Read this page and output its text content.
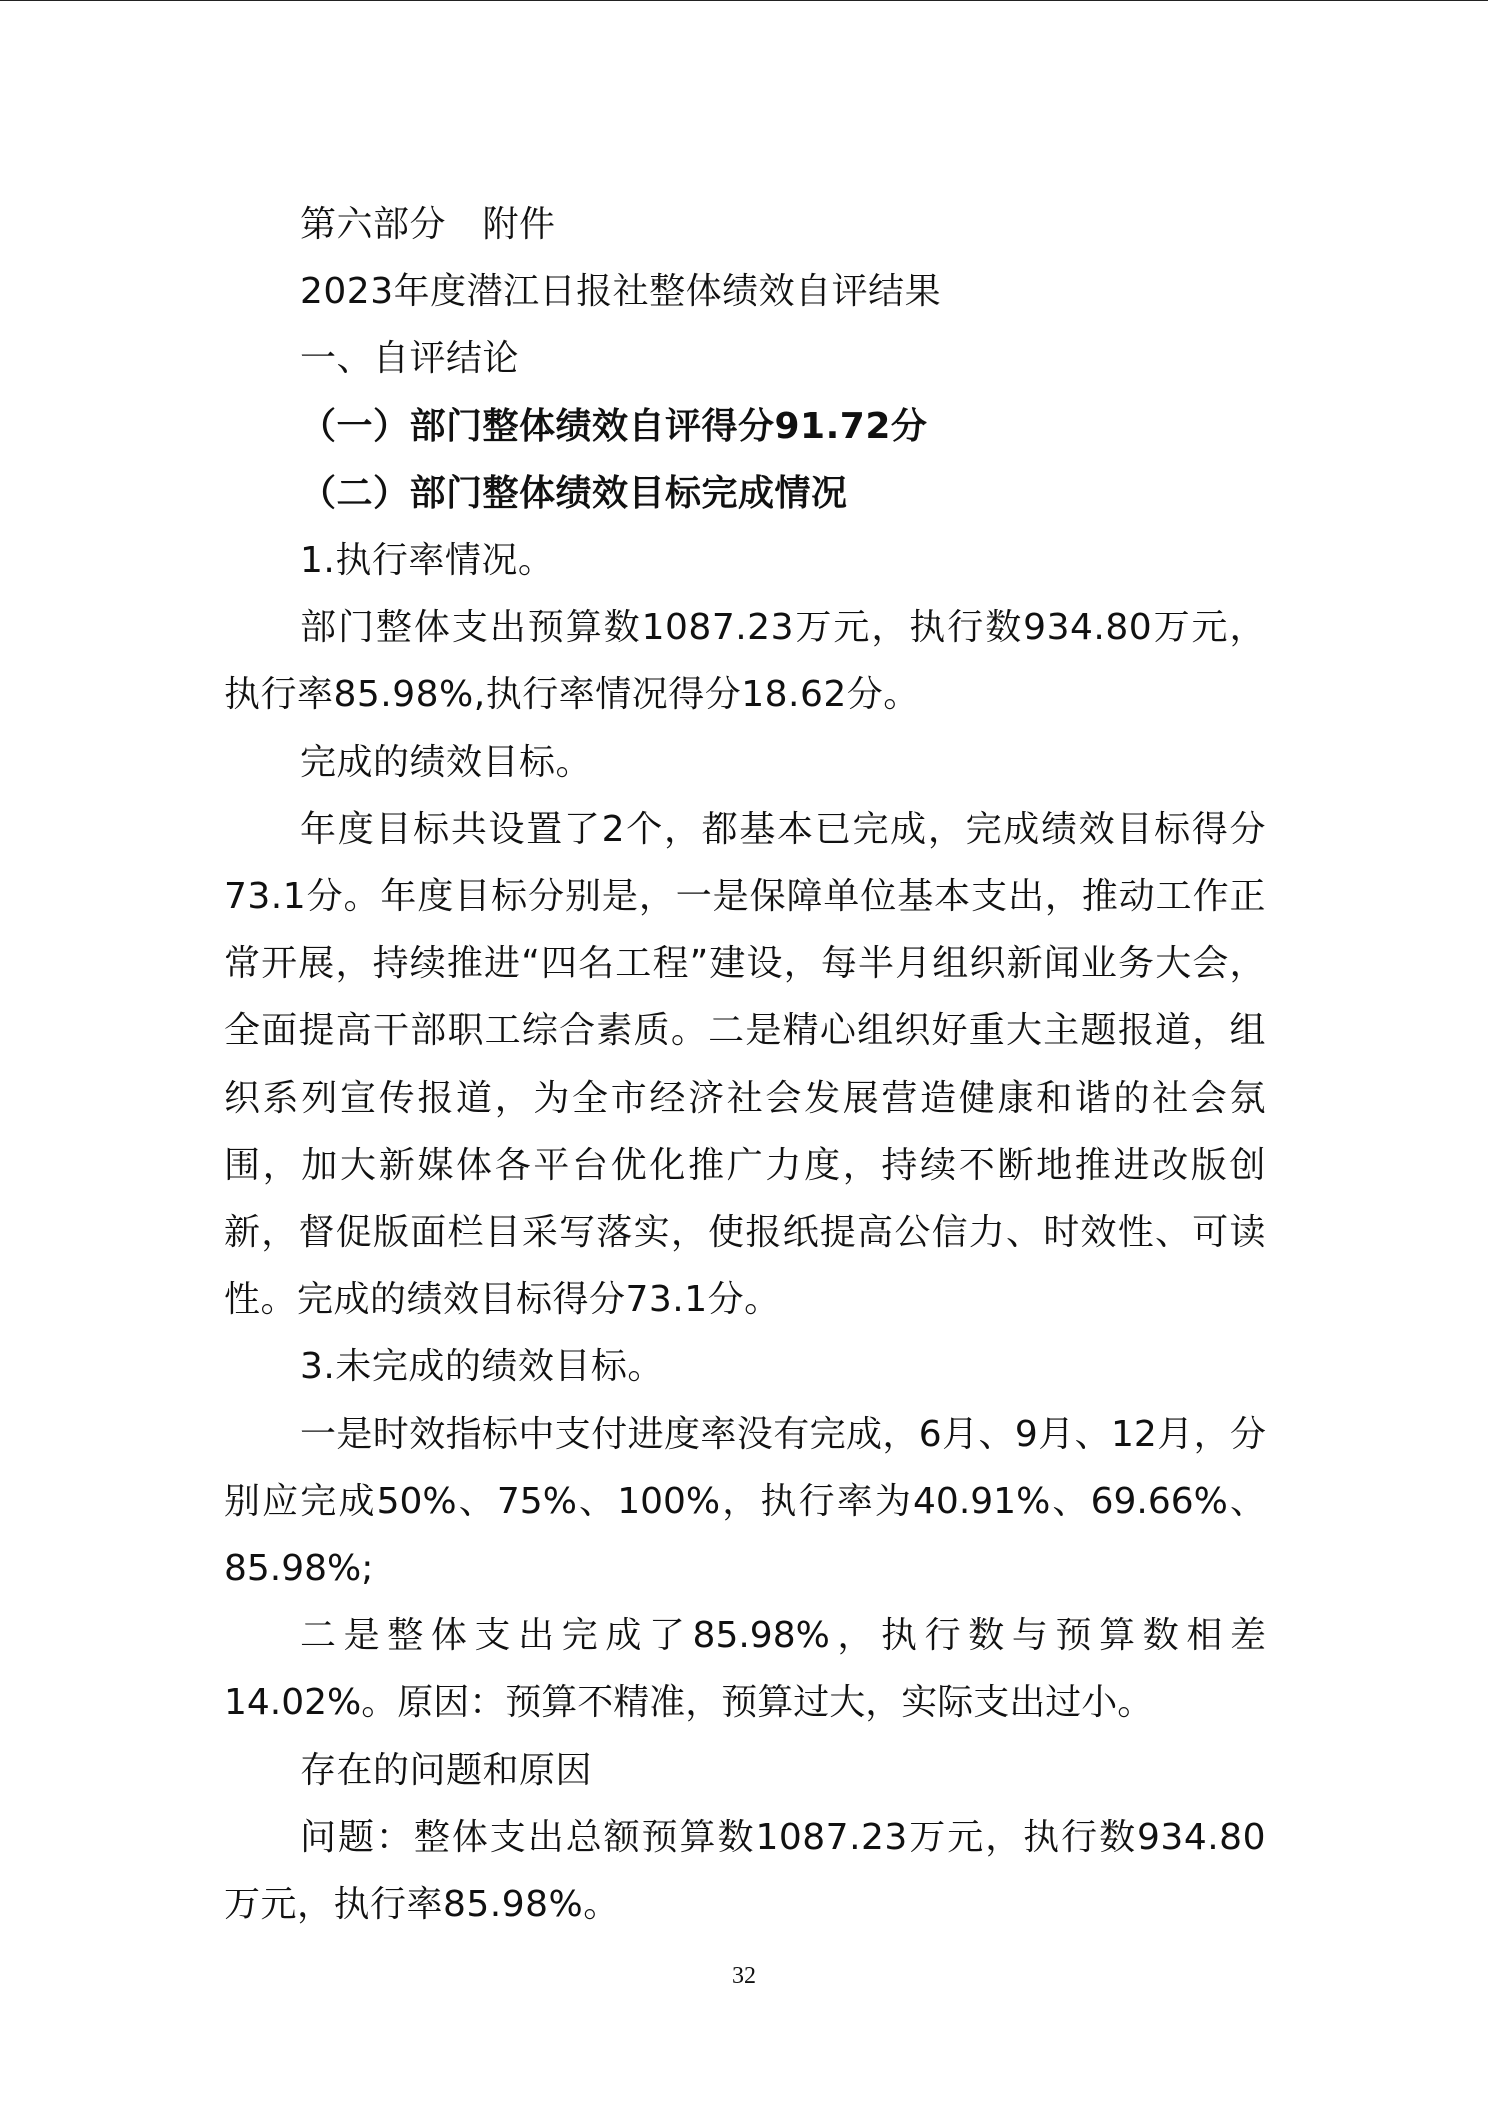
第六部分　附件

2023年度潜江日报社整体绩效自评结果

一、自评结论

（一）部门整体绩效自评得分91.72分

（二）部门整体绩效目标完成情况

1.执行率情况。

部门整体支出预算数1087.23万元，执行数934.80万元，执行率85.98%,执行率情况得分18.62分。

完成的绩效目标。

年度目标共设置了2个，都基本已完成，完成绩效目标得分73.1分。年度目标分别是，一是保障单位基本支出，推动工作正常开展，持续推进“四名工程”建设，每半月组织新闻业务大会，全面提高干部职工综合素质。二是精心组织好重大主题报道，组织系列宣传报道，为全市经济社会发展营造健康和谐的社会氛围，加大新媒体各平台优化推广力度，持续不断地推进改版创新，督促版面栏目采写落实，使报纸提高公信力、时效性、可读性。完成的绩效目标得分73.1分。

3.未完成的绩效目标。

一是时效指标中支付进度率没有完成，6月、9月、12月，分别应完成50%、75%、100%，执行率为40.91%、69.66%、85.98%;

二是整体支出完成了85.98%，执行数与预算数相差14.02%。原因：预算不精准，预算过大，实际支出过小。

存在的问题和原因

问题：整体支出总额预算数1087.23万元，执行数934.80万元，执行率85.98%。

32
